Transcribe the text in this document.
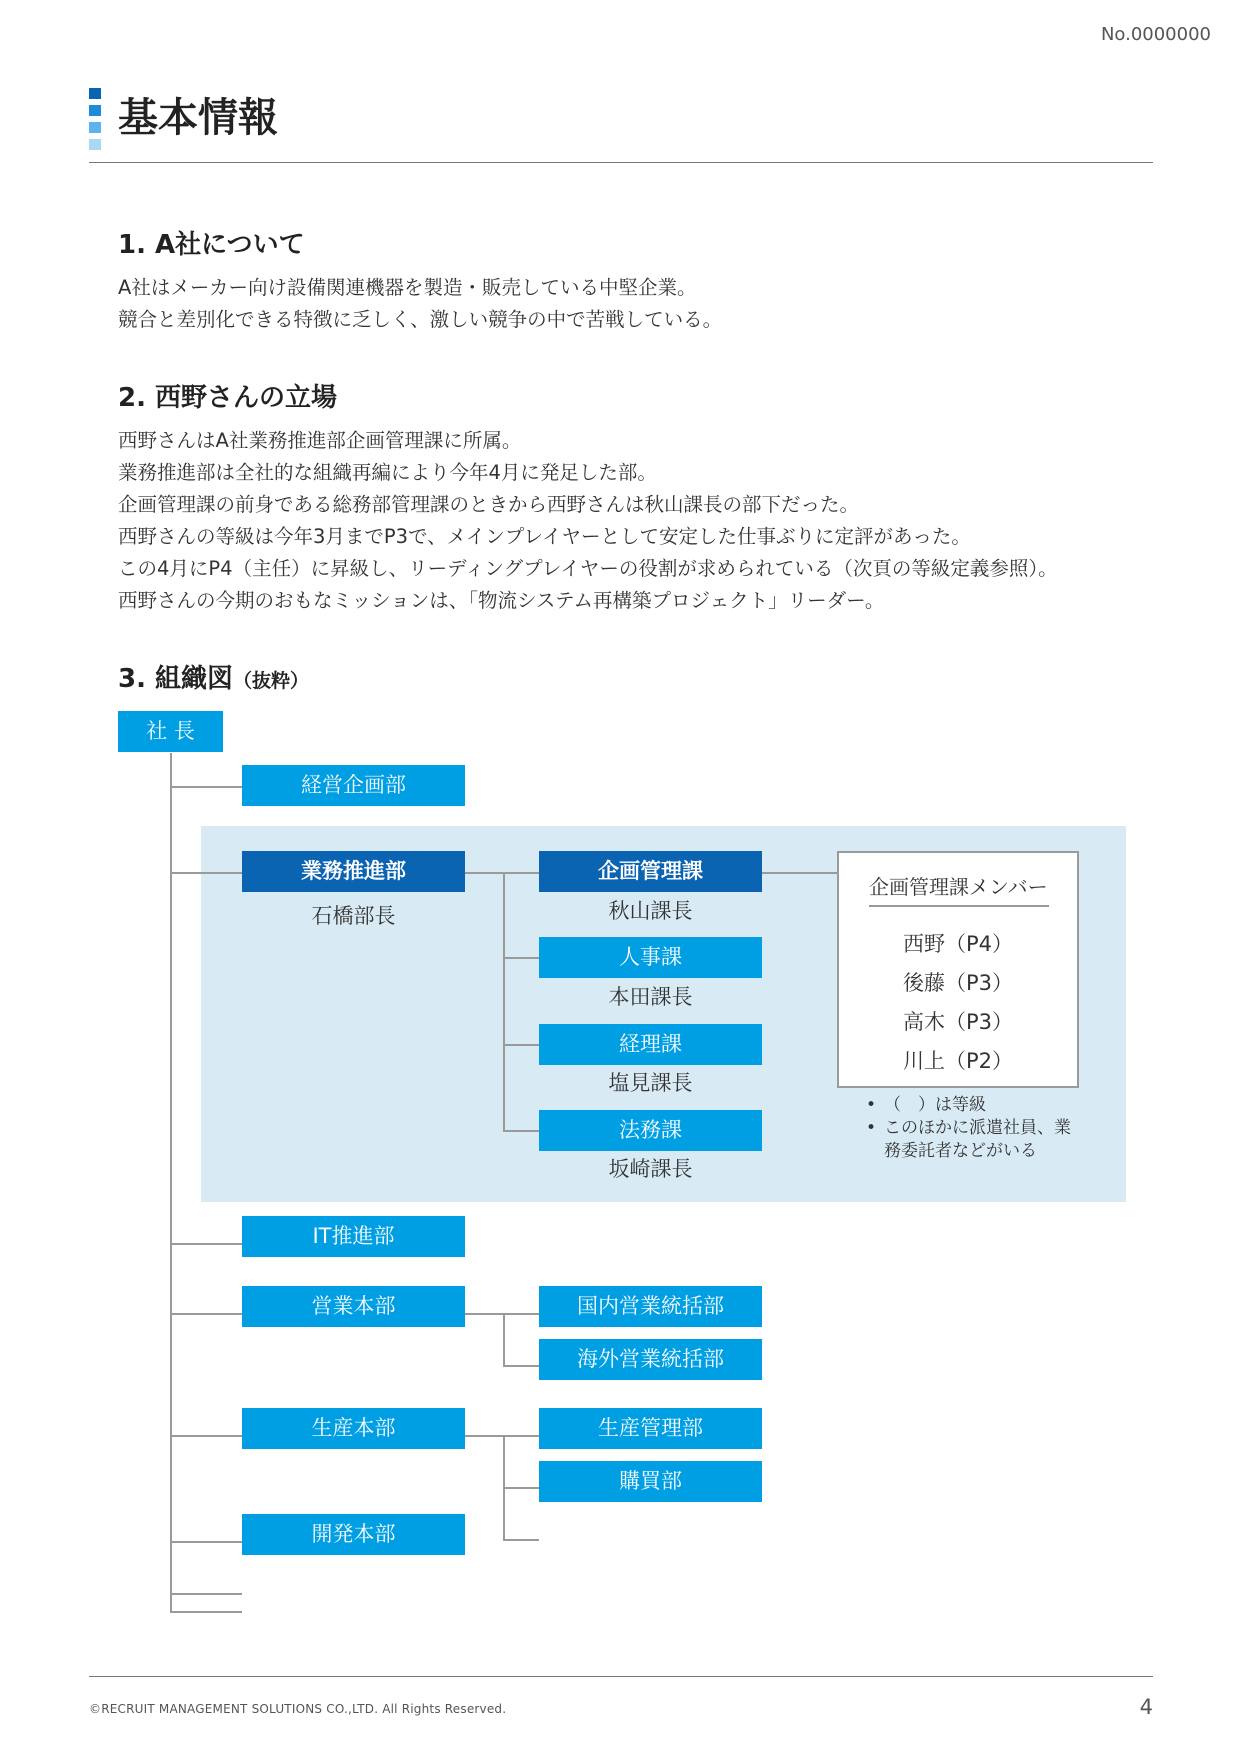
No.0000000
基本情報
1. A社について

A社はメーカー向け設備関連機器を製造・販売している中堅企業。

競合と差別化できる特徴に乏しく、激しい競争の中で苦戦している。

2. 西野さんの立場

西野さんはA社業務推進部企画管理課に所属。

業務推進部は全社的な組織再編により今年4月に発足した部。

企画管理課の前身である総務部管理課のときから西野さんは秋山課長の部下だった。

西野さんの等級は今年3月までP3で、メインプレイヤーとして安定した仕事ぶりに定評があった。

この4月にP4（主任）に昇級し、リーディングプレイヤーの役割が求められている（次頁の等級定義参照）。

西野さんの今期のおもなミッションは、「物流システム再構築プロジェクト」リーダー。

3. 組織図（抜粋）
社 長
経営企画部
業務推進部
石橋部長
企画管理課
秋山課長
人事課
本田課長
経理課
塩見課長
法務課
坂崎課長
企画管理課メンバー
西野（P4）
後藤（P3）
高木（P3）
川上（P2）
• （　）は等級
• このほかに派遣社員、業務委託者などがいる
IT推進部
営業本部	国内営業統括部
海外営業統括部
生産本部	生産管理部
購買部
開発本部
©RECRUIT MANAGEMENT SOLUTIONS CO.,LTD. All Rights Reserved.	4
